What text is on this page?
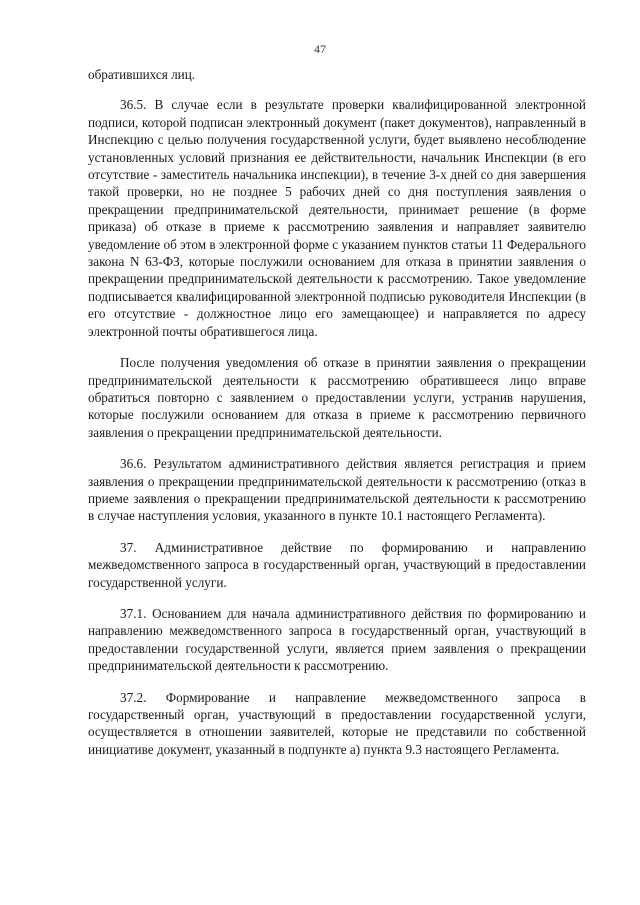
47

обратившихся лиц.

36.5. В случае если в результате проверки квалифицированной электронной подписи, которой подписан электронный документ (пакет документов), направленный в Инспекцию с целью получения государственной услуги, будет выявлено несоблюдение установленных условий признания ее действительности, начальник Инспекции (в его отсутствие - заместитель начальника инспекции), в течение 3-х дней со дня завершения такой проверки, но не позднее 5 рабочих дней со дня поступления заявления о прекращении предпринимательской деятельности, принимает решение (в форме приказа) об отказе в приеме к рассмотрению заявления и направляет заявителю уведомление об этом в электронной форме с указанием пунктов статьи 11 Федерального закона N 63-ФЗ, которые послужили основанием для отказа в принятии заявления о прекращении предпринимательской деятельности к рассмотрению. Такое уведомление подписывается квалифицированной электронной подписью руководителя Инспекции (в его отсутствие - должностное лицо его замещающее) и направляется по адресу электронной почты обратившегося лица.

После получения уведомления об отказе в принятии заявления о прекращении предпринимательской деятельности к рассмотрению обратившееся лицо вправе обратиться повторно с заявлением о предоставлении услуги, устранив нарушения, которые послужили основанием для отказа в приеме к рассмотрению первичного заявления о прекращении предпринимательской деятельности.

36.6. Результатом административного действия является регистрация и прием заявления о прекращении предпринимательской деятельности к рассмотрению (отказ в приеме заявления о прекращении предпринимательской деятельности к рассмотрению в случае наступления условия, указанного в пункте 10.1 настоящего Регламента).

37. Административное действие по формированию и направлению межведомственного запроса в государственный орган, участвующий в предоставлении государственной услуги.

37.1. Основанием для начала административного действия по формированию и направлению межведомственного запроса в государственный орган, участвующий в предоставлении государственной услуги, является прием заявления о прекращении предпринимательской деятельности к рассмотрению.

37.2. Формирование и направление межведомственного запроса в государственный орган, участвующий в предоставлении государственной услуги, осуществляется в отношении заявителей, которые не представили по собственной инициативе документ, указанный в подпункте а) пункта 9.3 настоящего Регламента.
